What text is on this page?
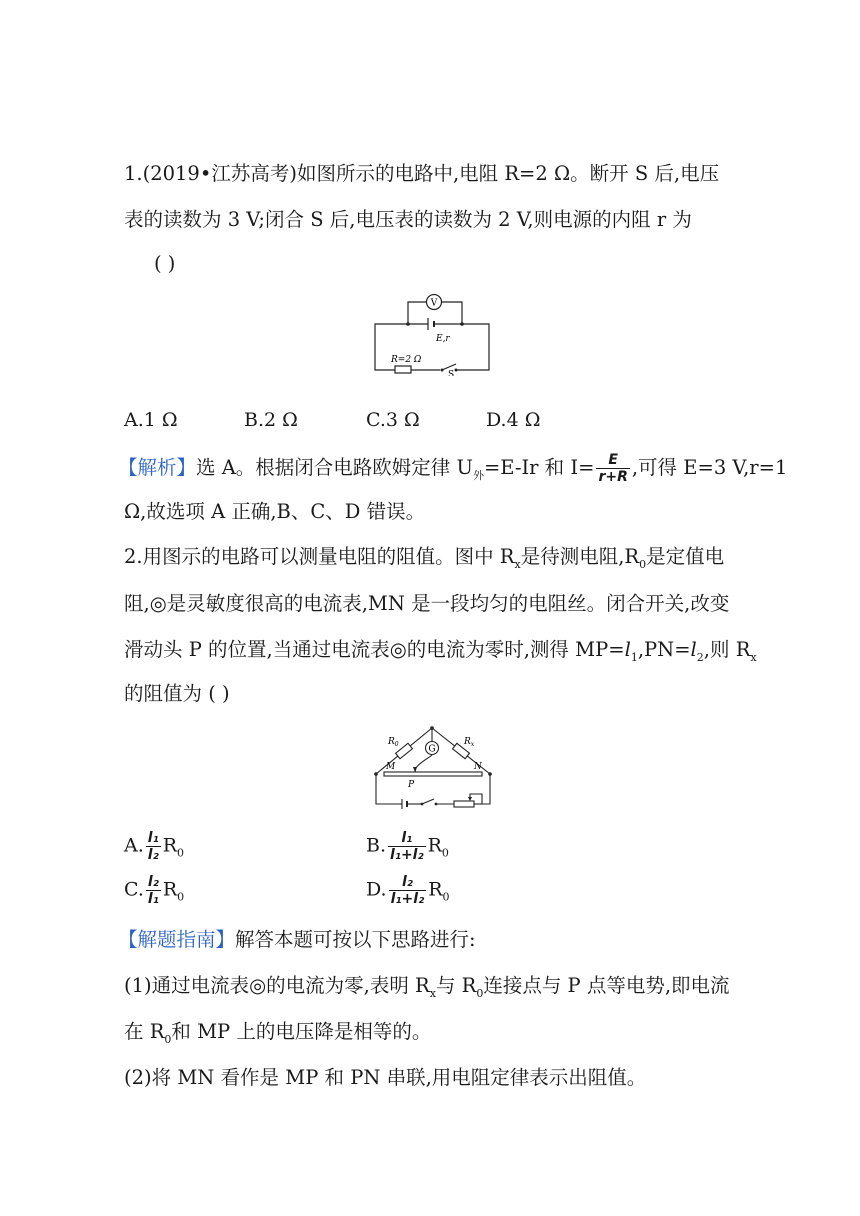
1.(2019•江苏高考)如图所示的电路中,电阻 R=2 Ω。断开 S 后,电压
表的读数为 3 V;闭合 S 后,电压表的读数为 2 V,则电源的内阻 r 为
( )
V
E,r
R=2 Ω
S
A.1 Ω	B.2 Ω	C.3 Ω	D.4 Ω
【解析】选 A。根据闭合电路欧姆定律 $U_外=E-Ir$ 和 $I= \frac{E}{r+R}$ ,可得 E=3 V,r=1
Ω,故选项 A 正确,B、C、D 错误。
2.用图示的电路可以测量电阻的阻值。图中 $R_x$是待测电阻$,R_0$是定值电
阻,◎是灵敏度很高的电流表,MN 是一段均匀的电阻丝。闭合开关,改变
滑动头 P 的位置,当通过电流表◎的电流为零时,测得 $MP=l_1,PN=l_2$,则 $R_x$
的阻值为 ( )
G
$R_0$	$R_x$
M	N
P
A. $\frac{\text{l₁}}{\text{l₂}} R_0$	B. $\frac{\text{l₁}}{\text{l₁+l₂}} R_0$
C. $\frac{\text{l₂}}{\text{l₁}} R_0$	D. $\frac{\text{l₂}}{\text{l₁+l₂}} R_0$
【解题指南】解答本题可按以下思路进行:
(1)通过电流表◎的电流为零,表明 $R_x$与 $R_0$连接点与 P 点等电势,即电流
在 $R_0$和 MP 上的电压降是相等的。
(2)将 MN 看作是 MP 和 PN 串联,用电阻定律表示出阻值。
